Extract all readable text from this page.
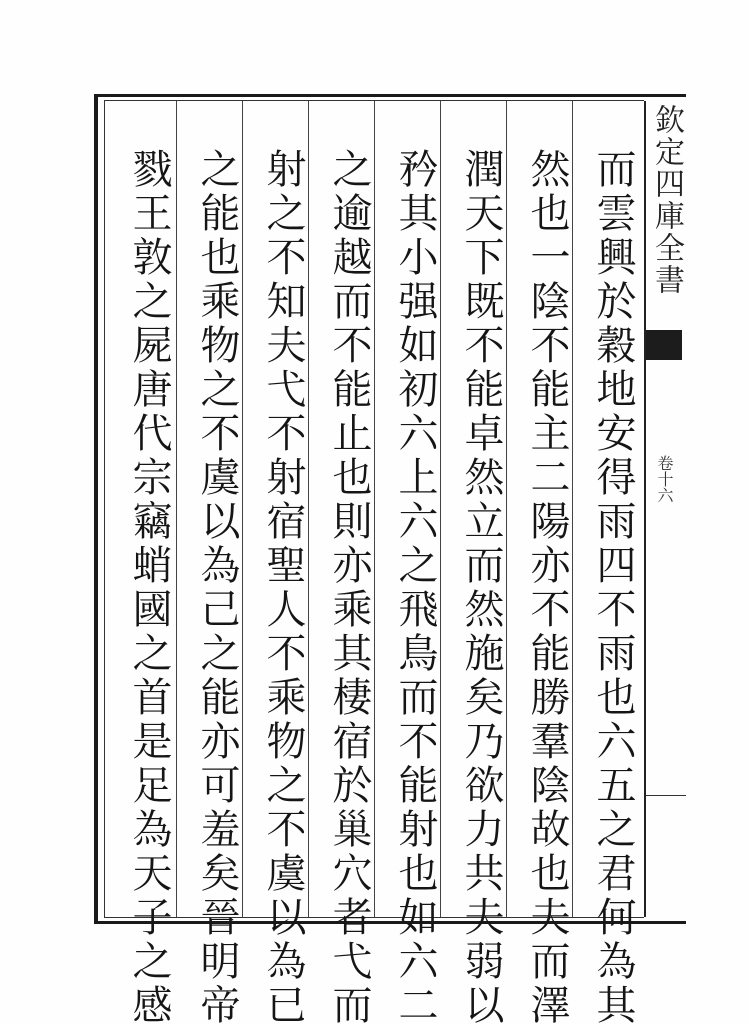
而雲興於穀地安得雨四不雨也六五之君何為其
然也一陰不能主二陽亦不能勝羣陰故也夫而澤
潤天下既不能卓然立而然施矣乃欲力共夫弱以
矜其小强如初六上六之飛鳥而不能射也如六二
之逾越而不能止也則亦乘其棲宿於巢穴者弋而
射之不知夫弋不射宿聖人不乘物之不虞以為已
之能也乘物之不虞以為己之能亦可羞矣晉明帝
戮王敦之屍唐代宗竊蛸國之首是足為天子之感	欽定四庫全書
卷十六
